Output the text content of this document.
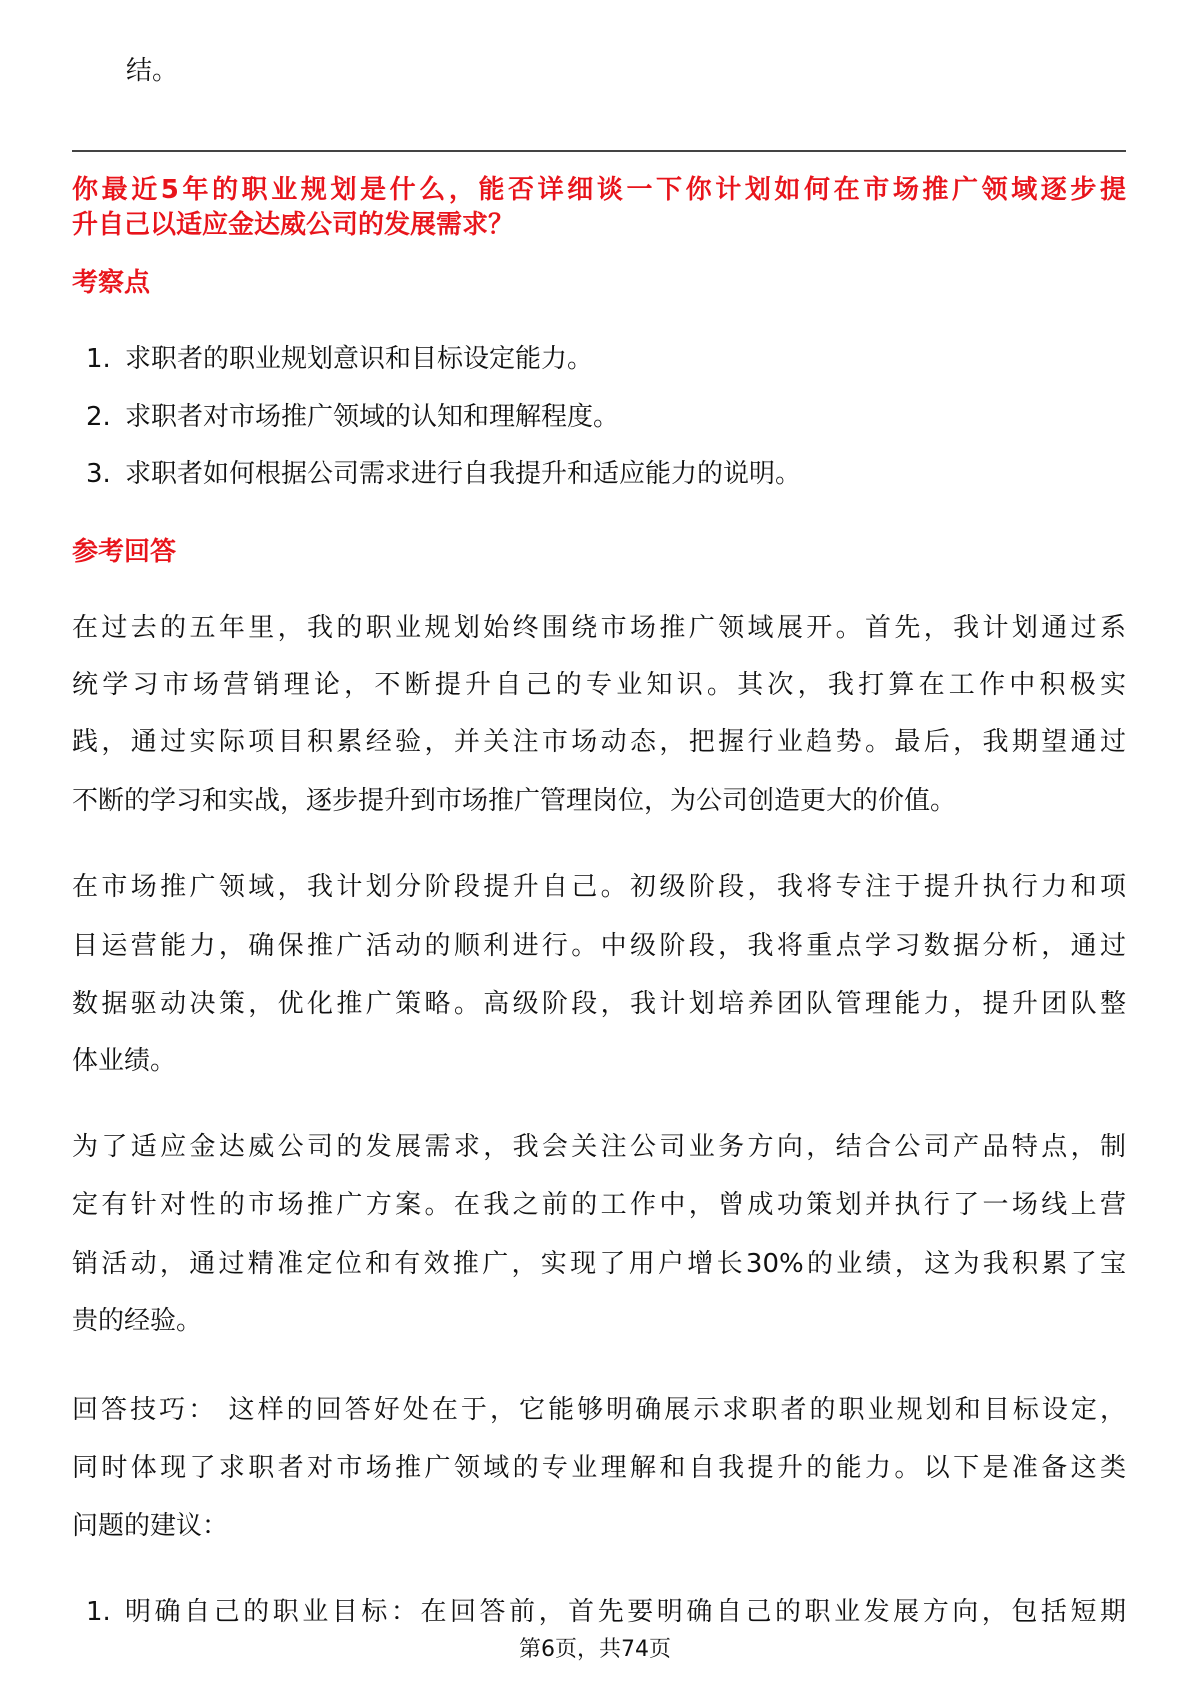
结。
你最近5年的职业规划是什么，能否详细谈一下你计划如何在市场推广领域逐步提
升自己以适应金达威公司的发展需求？
考察点
1. 求职者的职业规划意识和目标设定能力。
2. 求职者对市场推广领域的认知和理解程度。
3. 求职者如何根据公司需求进行自我提升和适应能力的说明。
参考回答
在过去的五年里，我的职业规划始终围绕市场推广领域展开。首先，我计划通过系
统学习市场营销理论，不断提升自己的专业知识。其次，我打算在工作中积极实
践，通过实际项目积累经验，并关注市场动态，把握行业趋势。最后，我期望通过
不断的学习和实战，逐步提升到市场推广管理岗位，为公司创造更大的价值。
在市场推广领域，我计划分阶段提升自己。初级阶段，我将专注于提升执行力和项
目运营能力，确保推广活动的顺利进行。中级阶段，我将重点学习数据分析，通过
数据驱动决策，优化推广策略。高级阶段，我计划培养团队管理能力，提升团队整
体业绩。
为了适应金达威公司的发展需求，我会关注公司业务方向，结合公司产品特点，制
定有针对性的市场推广方案。在我之前的工作中，曾成功策划并执行了一场线上营
销活动，通过精准定位和有效推广，实现了用户增长30%的业绩，这为我积累了宝
贵的经验。
回答技巧： 这样的回答好处在于，它能够明确展示求职者的职业规划和目标设定，
同时体现了求职者对市场推广领域的专业理解和自我提升的能力。以下是准备这类
问题的建议：
1. 明确自己的职业目标：在回答前，首先要明确自己的职业发展方向，包括短期
第6页，共74页
